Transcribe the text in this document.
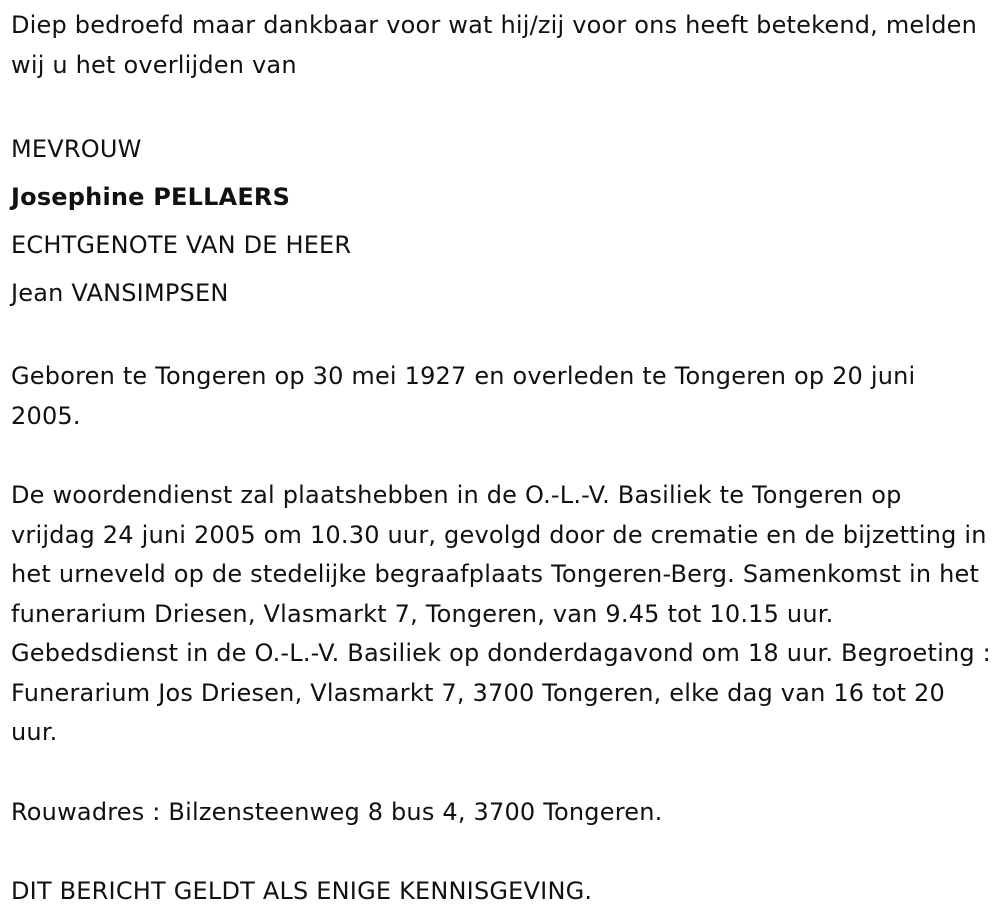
Diep bedroefd maar dankbaar voor wat hij/zij voor ons heeft betekend, melden wij u het overlijden van

MEVROUW

Josephine PELLAERS

ECHTGENOTE VAN DE HEER

Jean VANSIMPSEN

Geboren te Tongeren op 30 mei 1927 en overleden te Tongeren op 20 juni 2005.

De woordendienst zal plaatshebben in de O.-L.-V. Basiliek te Tongeren op vrijdag 24 juni 2005 om 10.30 uur, gevolgd door de crematie en de bijzetting in het urneveld op de stedelijke begraafplaats Tongeren-Berg. Samenkomst in het funerarium Driesen, Vlasmarkt 7, Tongeren, van 9.45 tot 10.15 uur. Gebedsdienst in de O.-L.-V. Basiliek op donderdagavond om 18 uur. Begroeting : Funerarium Jos Driesen, Vlasmarkt 7, 3700 Tongeren, elke dag van 16 tot 20 uur.

Rouwadres : Bilzensteenweg 8 bus 4, 3700 Tongeren.

DIT BERICHT GELDT ALS ENIGE KENNISGEVING.
